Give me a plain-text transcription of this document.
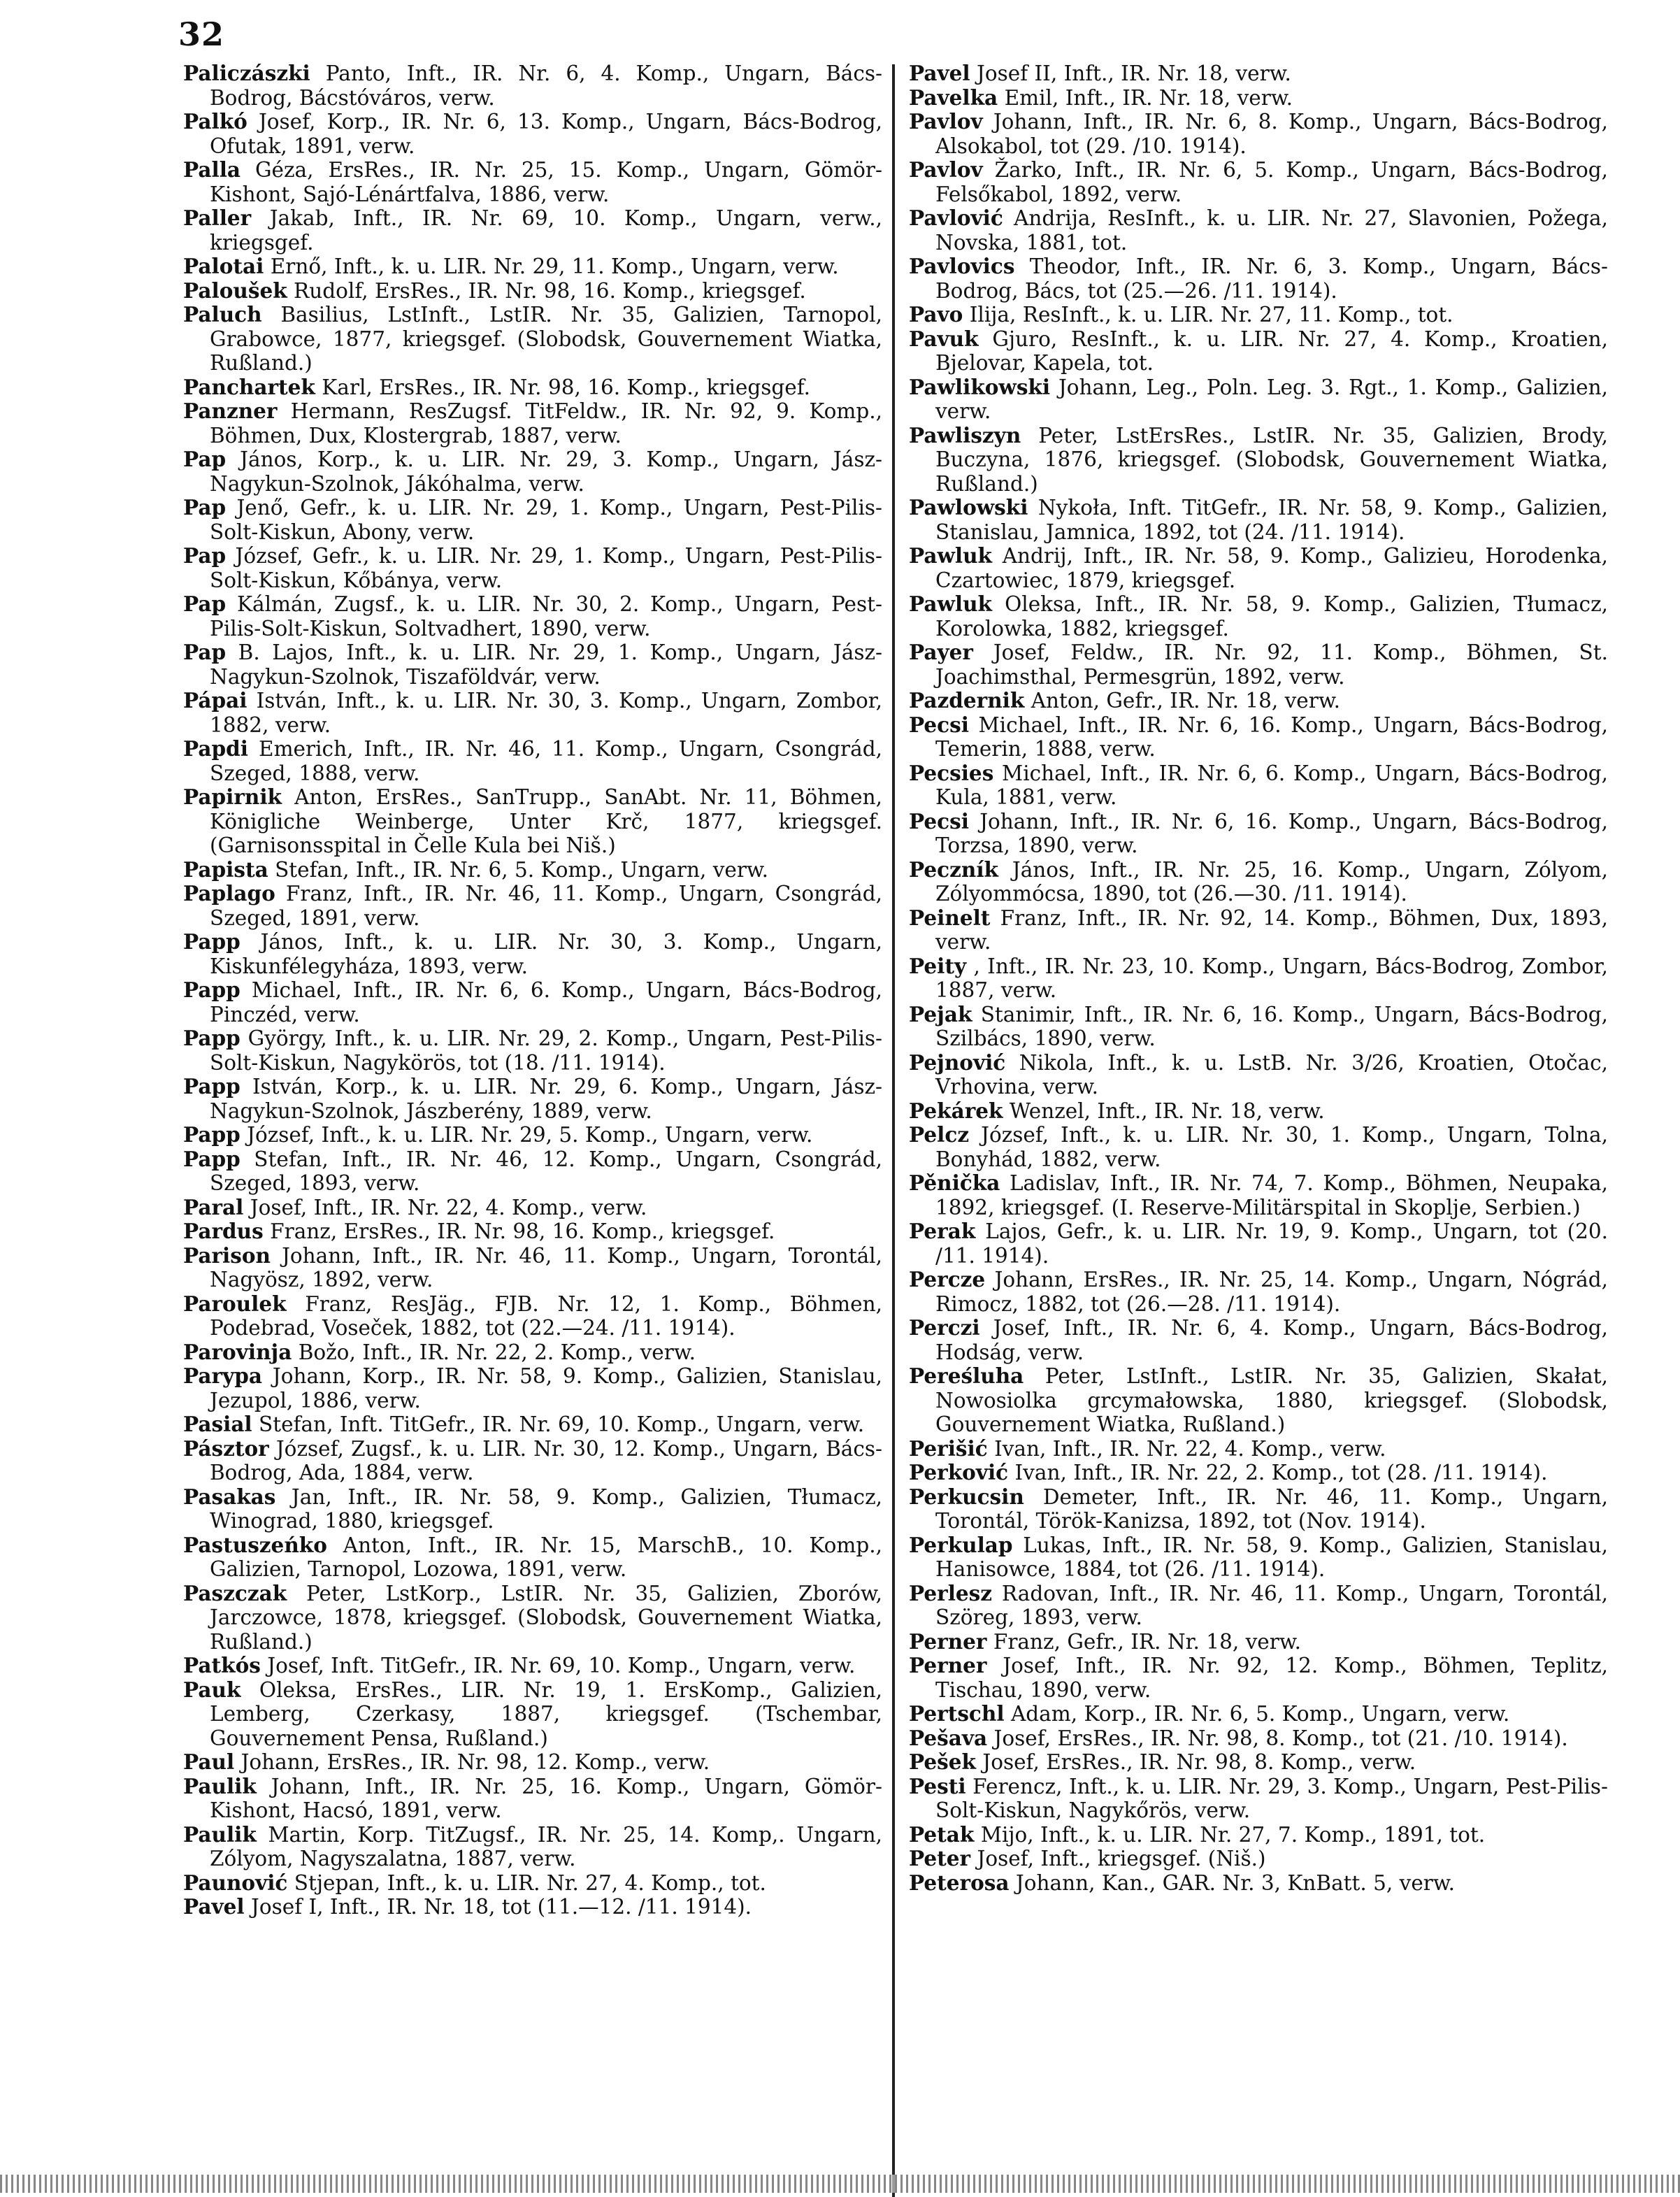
32

Paliczászki Panto, Inft., IR. Nr. 6, 4. Komp., Ungarn, Bács-Bodrog, Bácstóváros, verw.

Palkó Josef, Korp., IR. Nr. 6, 13. Komp., Ungarn, Bács-Bodrog, Ofutak, 1891, verw.

Palla Géza, ErsRes., IR. Nr. 25, 15. Komp., Ungarn, Gömör-Kishont, Sajó-Lénártfalva, 1886, verw.

Paller Jakab, Inft., IR. Nr. 69, 10. Komp., Ungarn, verw., kriegsgef.

Palotai Ernő, Inft., k. u. LIR. Nr. 29, 11. Komp., Ungarn, verw.

Paloušek Rudolf, ErsRes., IR. Nr. 98, 16. Komp., kriegsgef.

Paluch Basilius, LstInft., LstIR. Nr. 35, Galizien, Tarnopol, Grabowce, 1877, kriegsgef. (Slobodsk, Gouvernement Wiatka, Rußland.)

Panchartek Karl, ErsRes., IR. Nr. 98, 16. Komp., kriegsgef.

Panzner Hermann, ResZugsf. TitFeldw., IR. Nr. 92, 9. Komp., Böhmen, Dux, Klostergrab, 1887, verw.

Pap János, Korp., k. u. LIR. Nr. 29, 3. Komp., Ungarn, Jász-Nagykun-Szolnok, Jákóhalma, verw.

Pap Jenő, Gefr., k. u. LIR. Nr. 29, 1. Komp., Ungarn, Pest-Pilis-Solt-Kiskun, Abony, verw.

Pap József, Gefr., k. u. LIR. Nr. 29, 1. Komp., Ungarn, Pest-Pilis-Solt-Kiskun, Kőbánya, verw.

Pap Kálmán, Zugsf., k. u. LIR. Nr. 30, 2. Komp., Ungarn, Pest-Pilis-Solt-Kiskun, Soltvadhert, 1890, verw.

Pap B. Lajos, Inft., k. u. LIR. Nr. 29, 1. Komp., Ungarn, Jász-Nagykun-Szolnok, Tiszaföldvár, verw.

Pápai István, Inft., k. u. LIR. Nr. 30, 3. Komp., Ungarn, Zombor, 1882, verw.

Papdi Emerich, Inft., IR. Nr. 46, 11. Komp., Ungarn, Csongrád, Szeged, 1888, verw.

Papirnik Anton, ErsRes., SanTrupp., SanAbt. Nr. 11, Böhmen, Königliche Weinberge, Unter Krč, 1877, kriegsgef. (Garnisonsspital in Čelle Kula bei Niš.)

Papista Stefan, Inft., IR. Nr. 6, 5. Komp., Ungarn, verw.

Paplago Franz, Inft., IR. Nr. 46, 11. Komp., Ungarn, Csongrád, Szeged, 1891, verw.

Papp János, Inft., k. u. LIR. Nr. 30, 3. Komp., Ungarn, Kiskunfélegyháza, 1893, verw.

Papp Michael, Inft., IR. Nr. 6, 6. Komp., Ungarn, Bács-Bodrog, Pinczéd, verw.

Papp György, Inft., k. u. LIR. Nr. 29, 2. Komp., Ungarn, Pest-Pilis-Solt-Kiskun, Nagykörös, tot (18. /11. 1914).

Papp István, Korp., k. u. LIR. Nr. 29, 6. Komp., Ungarn, Jász-Nagykun-Szolnok, Jászberény, 1889, verw.

Papp József, Inft., k. u. LIR. Nr. 29, 5. Komp., Ungarn, verw.

Papp Stefan, Inft., IR. Nr. 46, 12. Komp., Ungarn, Csongrád, Szeged, 1893, verw.

Paral Josef, Inft., IR. Nr. 22, 4. Komp., verw.

Pardus Franz, ErsRes., IR. Nr. 98, 16. Komp., kriegsgef.

Parison Johann, Inft., IR. Nr. 46, 11. Komp., Ungarn, Torontál, Nagyösz, 1892, verw.

Paroulek Franz, ResJäg., FJB. Nr. 12, 1. Komp., Böhmen, Podebrad, Voseček, 1882, tot (22.—24. /11. 1914).

Parovinja Božo, Inft., IR. Nr. 22, 2. Komp., verw.

Parypa Johann, Korp., IR. Nr. 58, 9. Komp., Galizien, Stanislau, Jezupol, 1886, verw.

Pasial Stefan, Inft. TitGefr., IR. Nr. 69, 10. Komp., Ungarn, verw.

Pásztor József, Zugsf., k. u. LIR. Nr. 30, 12. Komp., Ungarn, Bács-Bodrog, Ada, 1884, verw.

Pasakas Jan, Inft., IR. Nr. 58, 9. Komp., Galizien, Tłumacz, Winograd, 1880, kriegsgef.

Pastuszeńko Anton, Inft., IR. Nr. 15, MarschB., 10. Komp., Galizien, Tarnopol, Lozowa, 1891, verw.

Paszczak Peter, LstKorp., LstIR. Nr. 35, Galizien, Zborów, Jarczowce, 1878, kriegsgef. (Slobodsk, Gouvernement Wiatka, Rußland.)

Patkós Josef, Inft. TitGefr., IR. Nr. 69, 10. Komp., Ungarn, verw.

Pauk Oleksa, ErsRes., LIR. Nr. 19, 1. ErsKomp., Galizien, Lemberg, Czerkasy, 1887, kriegsgef. (Tschembar, Gouvernement Pensa, Rußland.)

Paul Johann, ErsRes., IR. Nr. 98, 12. Komp., verw.

Paulik Johann, Inft., IR. Nr. 25, 16. Komp., Ungarn, Gömör-Kishont, Hacsó, 1891, verw.

Paulik Martin, Korp. TitZugsf., IR. Nr. 25, 14. Komp,. Ungarn, Zólyom, Nagyszalatna, 1887, verw.

Paunović Stjepan, Inft., k. u. LIR. Nr. 27, 4. Komp., tot.

Pavel Josef I, Inft., IR. Nr. 18, tot (11.—12. /11. 1914).

Pavel Josef II, Inft., IR. Nr. 18, verw.

Pavelka Emil, Inft., IR. Nr. 18, verw.

Pavlov Johann, Inft., IR. Nr. 6, 8. Komp., Ungarn, Bács-Bodrog, Alsokabol, tot (29. /10. 1914).

Pavlov Žarko, Inft., IR. Nr. 6, 5. Komp., Ungarn, Bács-Bodrog, Felsőkabol, 1892, verw.

Pavlović Andrija, ResInft., k. u. LIR. Nr. 27, Slavonien, Požega, Novska, 1881, tot.

Pavlovics Theodor, Inft., IR. Nr. 6, 3. Komp., Ungarn, Bács-Bodrog, Bács, tot (25.—26. /11. 1914).

Pavo Ilija, ResInft., k. u. LIR. Nr. 27, 11. Komp., tot.

Pavuk Gjuro, ResInft., k. u. LIR. Nr. 27, 4. Komp., Kroatien, Bjelovar, Kapela, tot.

Pawlikowski Johann, Leg., Poln. Leg. 3. Rgt., 1. Komp., Galizien, verw.

Pawliszyn Peter, LstErsRes., LstIR. Nr. 35, Galizien, Brody, Buczyna, 1876, kriegsgef. (Slobodsk, Gouvernement Wiatka, Rußland.)

Pawlowski Nykoła, Inft. TitGefr., IR. Nr. 58, 9. Komp., Galizien, Stanislau, Jamnica, 1892, tot (24. /11. 1914).

Pawluk Andrij, Inft., IR. Nr. 58, 9. Komp., Galizieu, Horodenka, Czartowiec, 1879, kriegsgef.

Pawluk Oleksa, Inft., IR. Nr. 58, 9. Komp., Galizien, Tłumacz, Korolowka, 1882, kriegsgef.

Payer Josef, Feldw., IR. Nr. 92, 11. Komp., Böhmen, St. Joachimsthal, Permesgrün, 1892, verw.

Pazdernik Anton, Gefr., IR. Nr. 18, verw.

Pecsi Michael, Inft., IR. Nr. 6, 16. Komp., Ungarn, Bács-Bodrog, Temerin, 1888, verw.

Pecsies Michael, Inft., IR. Nr. 6, 6. Komp., Ungarn, Bács-Bodrog, Kula, 1881, verw.

Pecsi Johann, Inft., IR. Nr. 6, 16. Komp., Ungarn, Bács-Bodrog, Torzsa, 1890, verw.

Peczník János, Inft., IR. Nr. 25, 16. Komp., Ungarn, Zólyom, Zólyommócsa, 1890, tot (26.—30. /11. 1914).

Peinelt Franz, Inft., IR. Nr. 92, 14. Komp., Böhmen, Dux, 1893, verw.

Peity , Inft., IR. Nr. 23, 10. Komp., Ungarn, Bács-Bodrog, Zombor, 1887, verw.

Pejak Stanimir, Inft., IR. Nr. 6, 16. Komp., Ungarn, Bács-Bodrog, Szilbács, 1890, verw.

Pejnović Nikola, Inft., k. u. LstB. Nr. 3/26, Kroatien, Otočac, Vrhovina, verw.

Pekárek Wenzel, Inft., IR. Nr. 18, verw.

Pelcz József, Inft., k. u. LIR. Nr. 30, 1. Komp., Ungarn, Tolna, Bonyhád, 1882, verw.

Pěnička Ladislav, Inft., IR. Nr. 74, 7. Komp., Böhmen, Neupaka, 1892, kriegsgef. (I. Reserve-Militärspital in Skoplje, Serbien.)

Perak Lajos, Gefr., k. u. LIR. Nr. 19, 9. Komp., Ungarn, tot (20. /11. 1914).

Percze Johann, ErsRes., IR. Nr. 25, 14. Komp., Ungarn, Nógrád, Rimocz, 1882, tot (26.—28. /11. 1914).

Perczi Josef, Inft., IR. Nr. 6, 4. Komp., Ungarn, Bács-Bodrog, Hodság, verw.

Pereśluha Peter, LstInft., LstIR. Nr. 35, Galizien, Skałat, Nowosiolka grcymałowska, 1880, kriegsgef. (Slobodsk, Gouvernement Wiatka, Rußland.)

Perišić Ivan, Inft., IR. Nr. 22, 4. Komp., verw.

Perković Ivan, Inft., IR. Nr. 22, 2. Komp., tot (28. /11. 1914).

Perkucsin Demeter, Inft., IR. Nr. 46, 11. Komp., Ungarn, Torontál, Török-Kanizsa, 1892, tot (Nov. 1914).

Perkulap Lukas, Inft., IR. Nr. 58, 9. Komp., Galizien, Stanislau, Hanisowce, 1884, tot (26. /11. 1914).

Perlesz Radovan, Inft., IR. Nr. 46, 11. Komp., Ungarn, Torontál, Szöreg, 1893, verw.

Perner Franz, Gefr., IR. Nr. 18, verw.

Perner Josef, Inft., IR. Nr. 92, 12. Komp., Böhmen, Teplitz, Tischau, 1890, verw.

Pertschl Adam, Korp., IR. Nr. 6, 5. Komp., Ungarn, verw.

Pešava Josef, ErsRes., IR. Nr. 98, 8. Komp., tot (21. /10. 1914).

Pešek Josef, ErsRes., IR. Nr. 98, 8. Komp., verw.

Pesti Ferencz, Inft., k. u. LIR. Nr. 29, 3. Komp., Ungarn, Pest-Pilis-Solt-Kiskun, Nagykőrös, verw.

Petak Mijo, Inft., k. u. LIR. Nr. 27, 7. Komp., 1891, tot.

Peter Josef, Inft., kriegsgef. (Niš.)

Peterosa Johann, Kan., GAR. Nr. 3, KnBatt. 5, verw.
